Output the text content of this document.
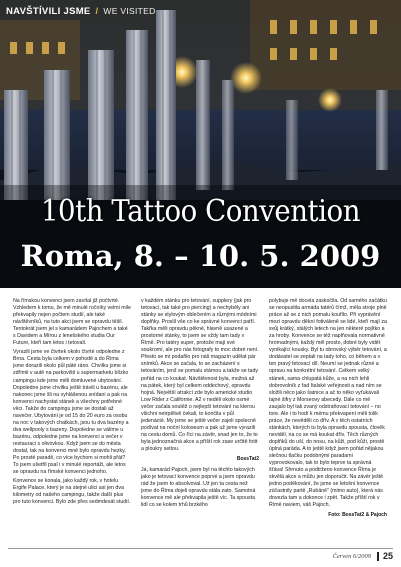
NAVŠTÍVILI JSME / WE VISITED
10th Tattoo Convention
Roma, 8. – 10. 5. 2009

Na římskou konvenci jsem zavítal již počtvrté. Vzhledem k tomu, že mě minulé ročníky velmi mile překvapily nejen počtem studií, ale také návštěvníků, na tuto akci jsem se opravdu těšil. Tentokrát jsem jel s kamarádem Pajochem a také s Davidem a Mírou z lenešského studia Our Future, kteří tam letos i tetovali.

Vyrazili jsme ve čtvrtek okolo čtvrté odpoledne z Brna. Cesta byla celkem v pohodě a do Říma jsme dorazili okolo půl páté ráno. Chvilku jsme si zdřímli v autě na parkovišti u supermarketu blízko campingu kde jsme měli domluvené ubytování. Dopoledne jsme chvilku ještě trávili u bazénu, ale nakonec jsme šli na vyhlášenou snídani a pak na konvenci nachystat stánek a všechny potřebné věci. Takže do campingu jsme se dostali až navečer. Ubytování je od 15 do 20 euro za osobu na noc v takových chatkách, jsou tu dva bazény a dva wellpooly s bazeny. Dopoledne se válíme u bazénu, odpoledne jsme na konvenci a večer v restauraci s olivovkou. Když jsem se do města dostal, tak na konvenci mně bylo opravdu hezky. Po prosté paradě, co více bychom si mohli přát? To jsem ušetřil psal i v minulé reportáži, ale letos se opravdu na římské konvenci jednoho.

Konvence se konala, jako každý rok, v hotelu Ergife Palace, který je na stejné ulici asi jen dva kilometry od našeho campingu, takže další plus pro tuto konvenci. Bylo zde přes sedmdesát studií.

v každém stánku pro tetování, supplery (jak pro tetovací, tak také pro piercing) a nechyběly ani stánky se stylovým oblečením a různými módními doplňky. Proslil vše co ke správné konvenci patří. Takřka měli opravdu pěkné, hlavně usazené a prostorné stánky, to jsem se vždy tam tady v Římě. Pro tatéry super, protože mají své soukromí, ale pro nás fotografy to moc dobré není. Přesto se mi podařilo pro náš magazín udělat pár snímků. Akce se začala, to se zacházení s tetováním, jenž se pomalu stárnou a takže se tady pořád na co koukat. Návštěvnost byla, možná až na pátek, který byl celkem oddechový, opravdu hojná. Největší atrakcí zde bylo americké studio Low Rider z Californie. A2 v neděli okolo osmé večer začala soutěž o nejlepší tetování na kterou všichni netrpělivě čekali, to končila v půl jedenácté. My jsme se ještě večer zajeli spolecně podívat na noční koloseum a pak už jsme vyrazili na cestu domů. Co říci na závěr, snad jen to, že to byla jednoznačná akce a příští rok zase určitě fotit a ploukry seitou.

BossTat2

Já, kamarád Pajoch, jsem byl na těchto takových jako je tetovací konvence poprvé a jsem opravdu rád že jsem to absolvoval. Už jen ta cesta než jsme do Říma dojeli opravdu stála zato. Samotná konvence mě ale překvapila ještě víc. Ta spousta lidí co se kolem trhů brzkého

polybuje mě docela zaskočila. Od samého začátku se neopustila armáda tatérů čímž, měla stroje plně práce až se z nich pomalu kouřilo. Při vyprávění mezi opravdu děkní fotiváleně se lidé, kteří mají za svůj krátký, stálých letech na jen některé pojítko a za hroby. Konvence se též naplňovala normativně hromadnými, každý měl prosto, dobré byly vidět vynikající kousky. Byl tu obrovský výběr tetování, a dodávatel se zeptali na tady toho, co během a v ten pravý tetovací díl. Neumí se jednak různé a opravu na konkrétní tetování. Celkem velký stánek, sama chlupatá kůže, a na nich lehli dobrovolník z řad Italské veřejnosti a nad ním se složili něco jako šatnice a ač to něko vyťukávali tajné šifry z Morseovy abecedy. Dále co mě zaujalo byl tak zvaný odstraňovací tetování – no tore. Ale i to hodí k mému překvapení měli tolik práce, že nevěděli co dřív. A v těch ostatních stánkách, kterých tu byla opravdu spousta, člověk neviděl, na co se má koukat dřív. Těch různých doplňků do uší, do nosu, na kůži, pod kůži, prostě úplná paráda. A to ještě když jsem pořád nějakou slečnou tlačku podobnými paradami vyprovokovalo, tak to bylo teprve ta správná šťáva! Shrnuto a podtrženo konvence Říma je skvělá akce a můžu jen doporučit. Na závěr ještě jedno poděkování, že jsme se letošní konvence zúčastnily partě „Rubáně" (mimo auto), která nás dovezla tam a dokonce i zpět. Takže příští rok v Římě naviem, váš Pajoch.

Foto: BossTat2 & Pajoch
Červen 6/2009 25
